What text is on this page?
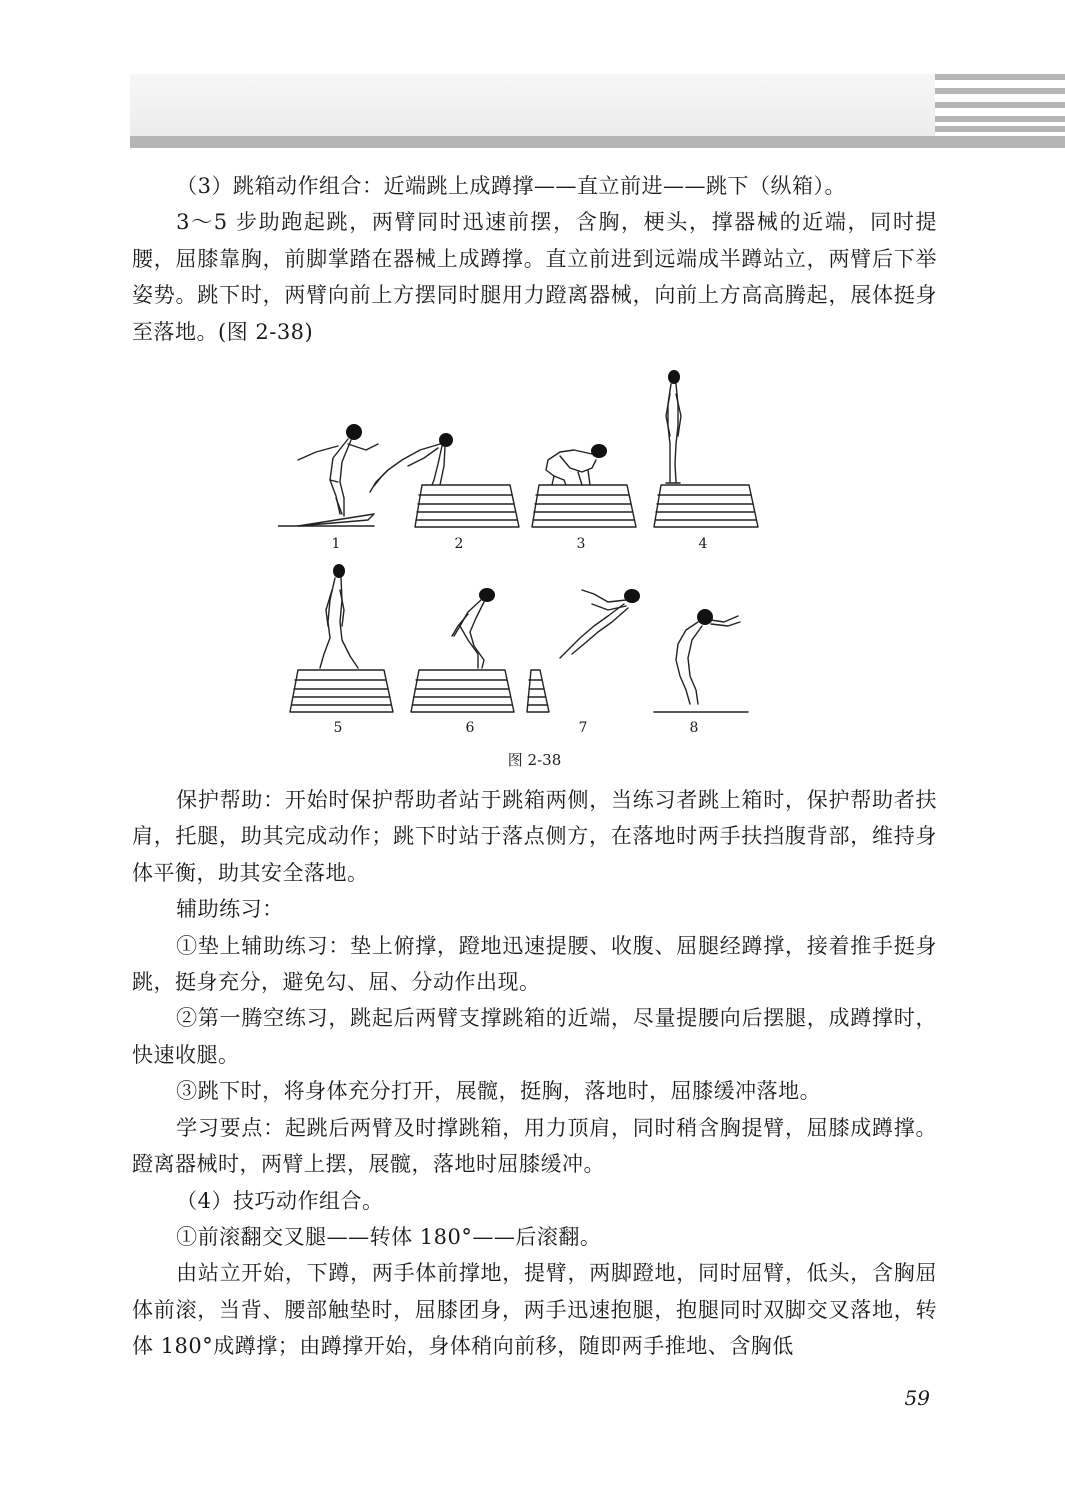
（3）跳箱动作组合：近端跳上成蹲撑——直立前进——跳下（纵箱）。

3～5 步助跑起跳，两臂同时迅速前摆，含胸，梗头，撑器械的近端，同时提腰，屈膝靠胸，前脚掌踏在器械上成蹲撑。直立前进到远端成半蹲站立，两臂后下举姿势。跳下时，两臂向前上方摆同时腿用力蹬离器械，向前上方高高腾起，展体挺身至落地。(图 2-38)

1	2	3	4
5	6	7	8
图 2-38

保护帮助：开始时保护帮助者站于跳箱两侧，当练习者跳上箱时，保护帮助者扶肩，托腿，助其完成动作；跳下时站于落点侧方，在落地时两手扶挡腹背部，维持身体平衡，助其安全落地。

辅助练习：

①垫上辅助练习：垫上俯撑，蹬地迅速提腰、收腹、屈腿经蹲撑，接着推手挺身跳，挺身充分，避免勾、屈、分动作出现。

②第一腾空练习，跳起后两臂支撑跳箱的近端，尽量提腰向后摆腿，成蹲撑时，快速收腿。

③跳下时，将身体充分打开，展髋，挺胸，落地时，屈膝缓冲落地。

学习要点：起跳后两臂及时撑跳箱，用力顶肩，同时稍含胸提臂，屈膝成蹲撑。蹬离器械时，两臂上摆，展髋，落地时屈膝缓冲。

（4）技巧动作组合。

①前滚翻交叉腿——转体 180°——后滚翻。

由站立开始，下蹲，两手体前撑地，提臂，两脚蹬地，同时屈臂，低头，含胸屈体前滚，当背、腰部触垫时，屈膝团身，两手迅速抱腿，抱腿同时双脚交叉落地，转体 180°成蹲撑；由蹲撑开始，身体稍向前移，随即两手推地、含胸低

59
